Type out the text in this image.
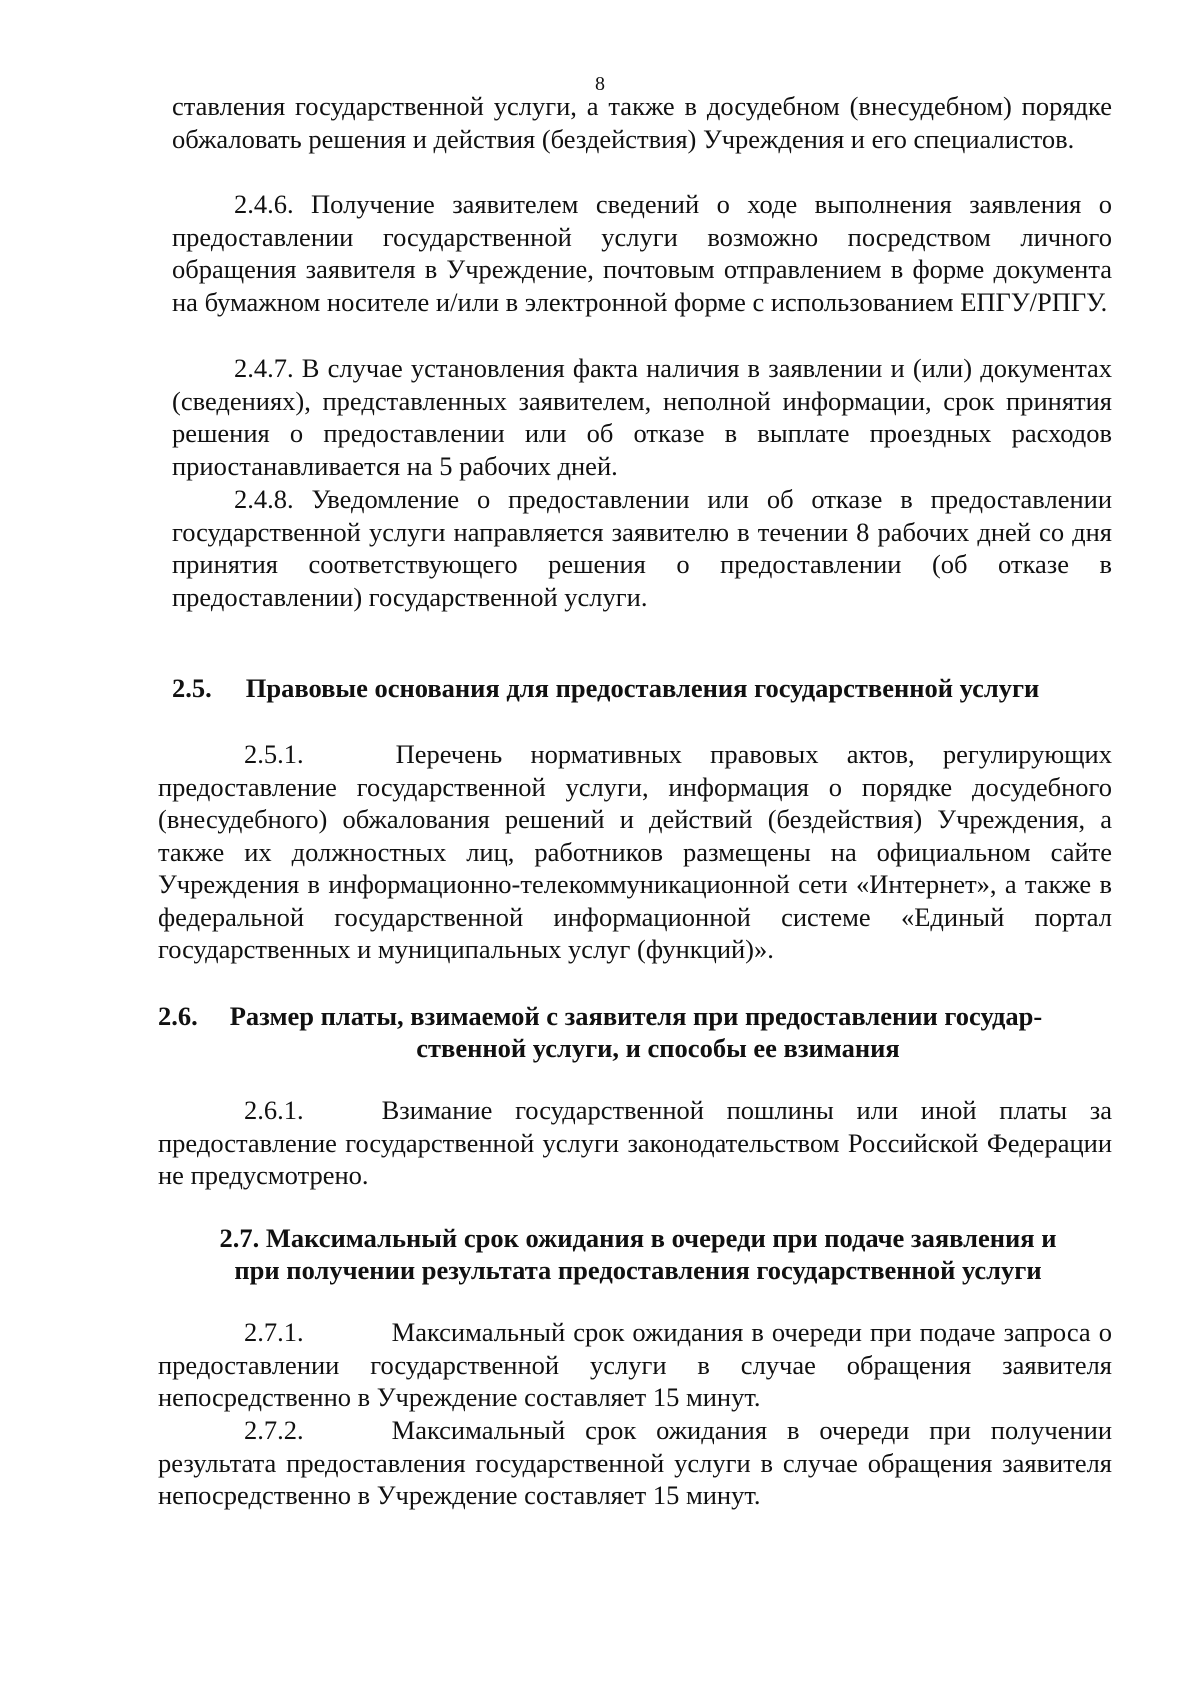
8

ставления государственной услуги, а также в досудебном (внесудебном) порядке обжаловать решения и действия (бездействия) Учреждения и его специалистов.

2.4.6. Получение заявителем сведений о ходе выполнения заявления о предоставлении государственной услуги возможно посредством личного обращения заявителя в Учреждение, почтовым отправлением в форме документа на бумажном носителе и/или в электронной форме с использованием ЕПГУ/РПГУ.

2.4.7. В случае установления факта наличия в заявлении и (или) документах (сведениях), представленных заявителем, неполной информации, срок принятия решения о предоставлении или об отказе в выплате проездных расходов приостанавливается на 5 рабочих дней.

2.4.8. Уведомление о предоставлении или об отказе в предоставлении государственной услуги направляется заявителю в течении 8 рабочих дней со дня принятия соответствующего решения о предоставлении (об отказе в предоставлении) государственной услуги.

2.5. Правовые основания для предоставления государственной услуги

2.5.1.	Перечень нормативных правовых актов, регулирующих предоставление государственной услуги, информация о порядке досудебного (внесудебного) обжалования решений и действий (бездействия) Учреждения, а также их должностных лиц, работников размещены на официальном сайте Учреждения в информационно-телекоммуникационной сети «Интернет», а также в федеральной государственной информационной системе «Единый портал государственных и муниципальных услуг (функций)».

2.6. Размер платы, взимаемой с заявителя при предоставлении государ-
ственной услуги, и способы ее взимания

2.6.1.	Взимание государственной пошлины или иной платы за предоставление государственной услуги законодательством Российской Федерации не предусмотрено.

2.7. Максимальный срок ожидания в очереди при подаче заявления и
при получении результата предоставления государственной услуги

2.7.1.	Максимальный срок ожидания в очереди при подаче запроса о предоставлении государственной услуги в случае обращения заявителя непосредственно в Учреждение составляет 15 минут.

2.7.2.	Максимальный срок ожидания в очереди при получении результата предоставления государственной услуги в случае обращения заявителя непосредственно в Учреждение составляет 15 минут.
